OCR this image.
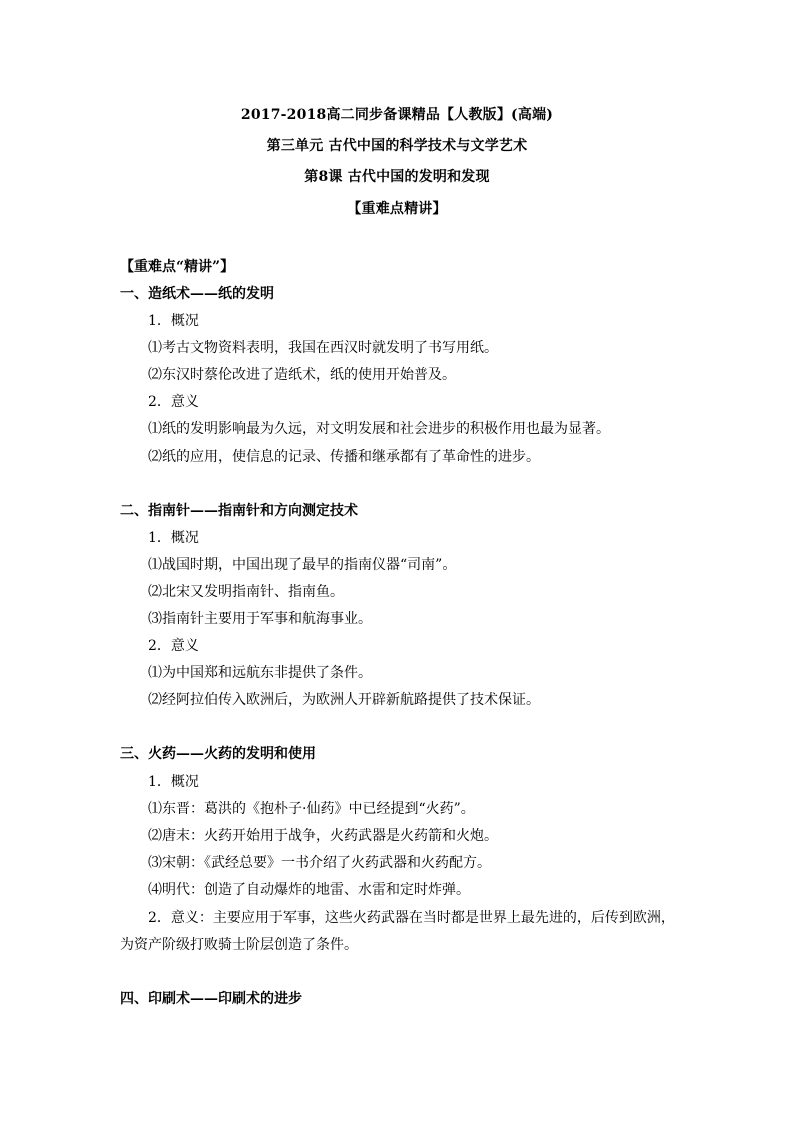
2017-2018高二同步备课精品【人教版】(高端)
第三单元 古代中国的科学技术与文学艺术
第8课 古代中国的发明和发现
【重难点精讲】
【重难点“精讲”】
一、造纸术——纸的发明
1．概况
⑴考古文物资料表明，我国在西汉时就发明了书写用纸。
⑵东汉时蔡伦改进了造纸术，纸的使用开始普及。
2．意义
⑴纸的发明影响最为久远，对文明发展和社会进步的积极作用也最为显著。
⑵纸的应用，使信息的记录、传播和继承都有了革命性的进步。
二、指南针——指南针和方向测定技术
1．概况
⑴战国时期，中国出现了最早的指南仪器“司南”。
⑵北宋又发明指南针、指南鱼。
⑶指南针主要用于军事和航海事业。
2．意义
⑴为中国郑和远航东非提供了条件。
⑵经阿拉伯传入欧洲后，为欧洲人开辟新航路提供了技术保证。
三、火药——火药的发明和使用
1．概况
⑴东晋：葛洪的《抱朴子·仙药》中已经提到“火药”。
⑵唐末：火药开始用于战争，火药武器是火药箭和火炮。
⑶宋朝：《武经总要》一书介绍了火药武器和火药配方。
⑷明代：创造了自动爆炸的地雷、水雷和定时炸弹。
2．意义：主要应用于军事，这些火药武器在当时都是世界上最先进的，后传到欧洲，
为资产阶级打败骑士阶层创造了条件。
四、印刷术——印刷术的进步
